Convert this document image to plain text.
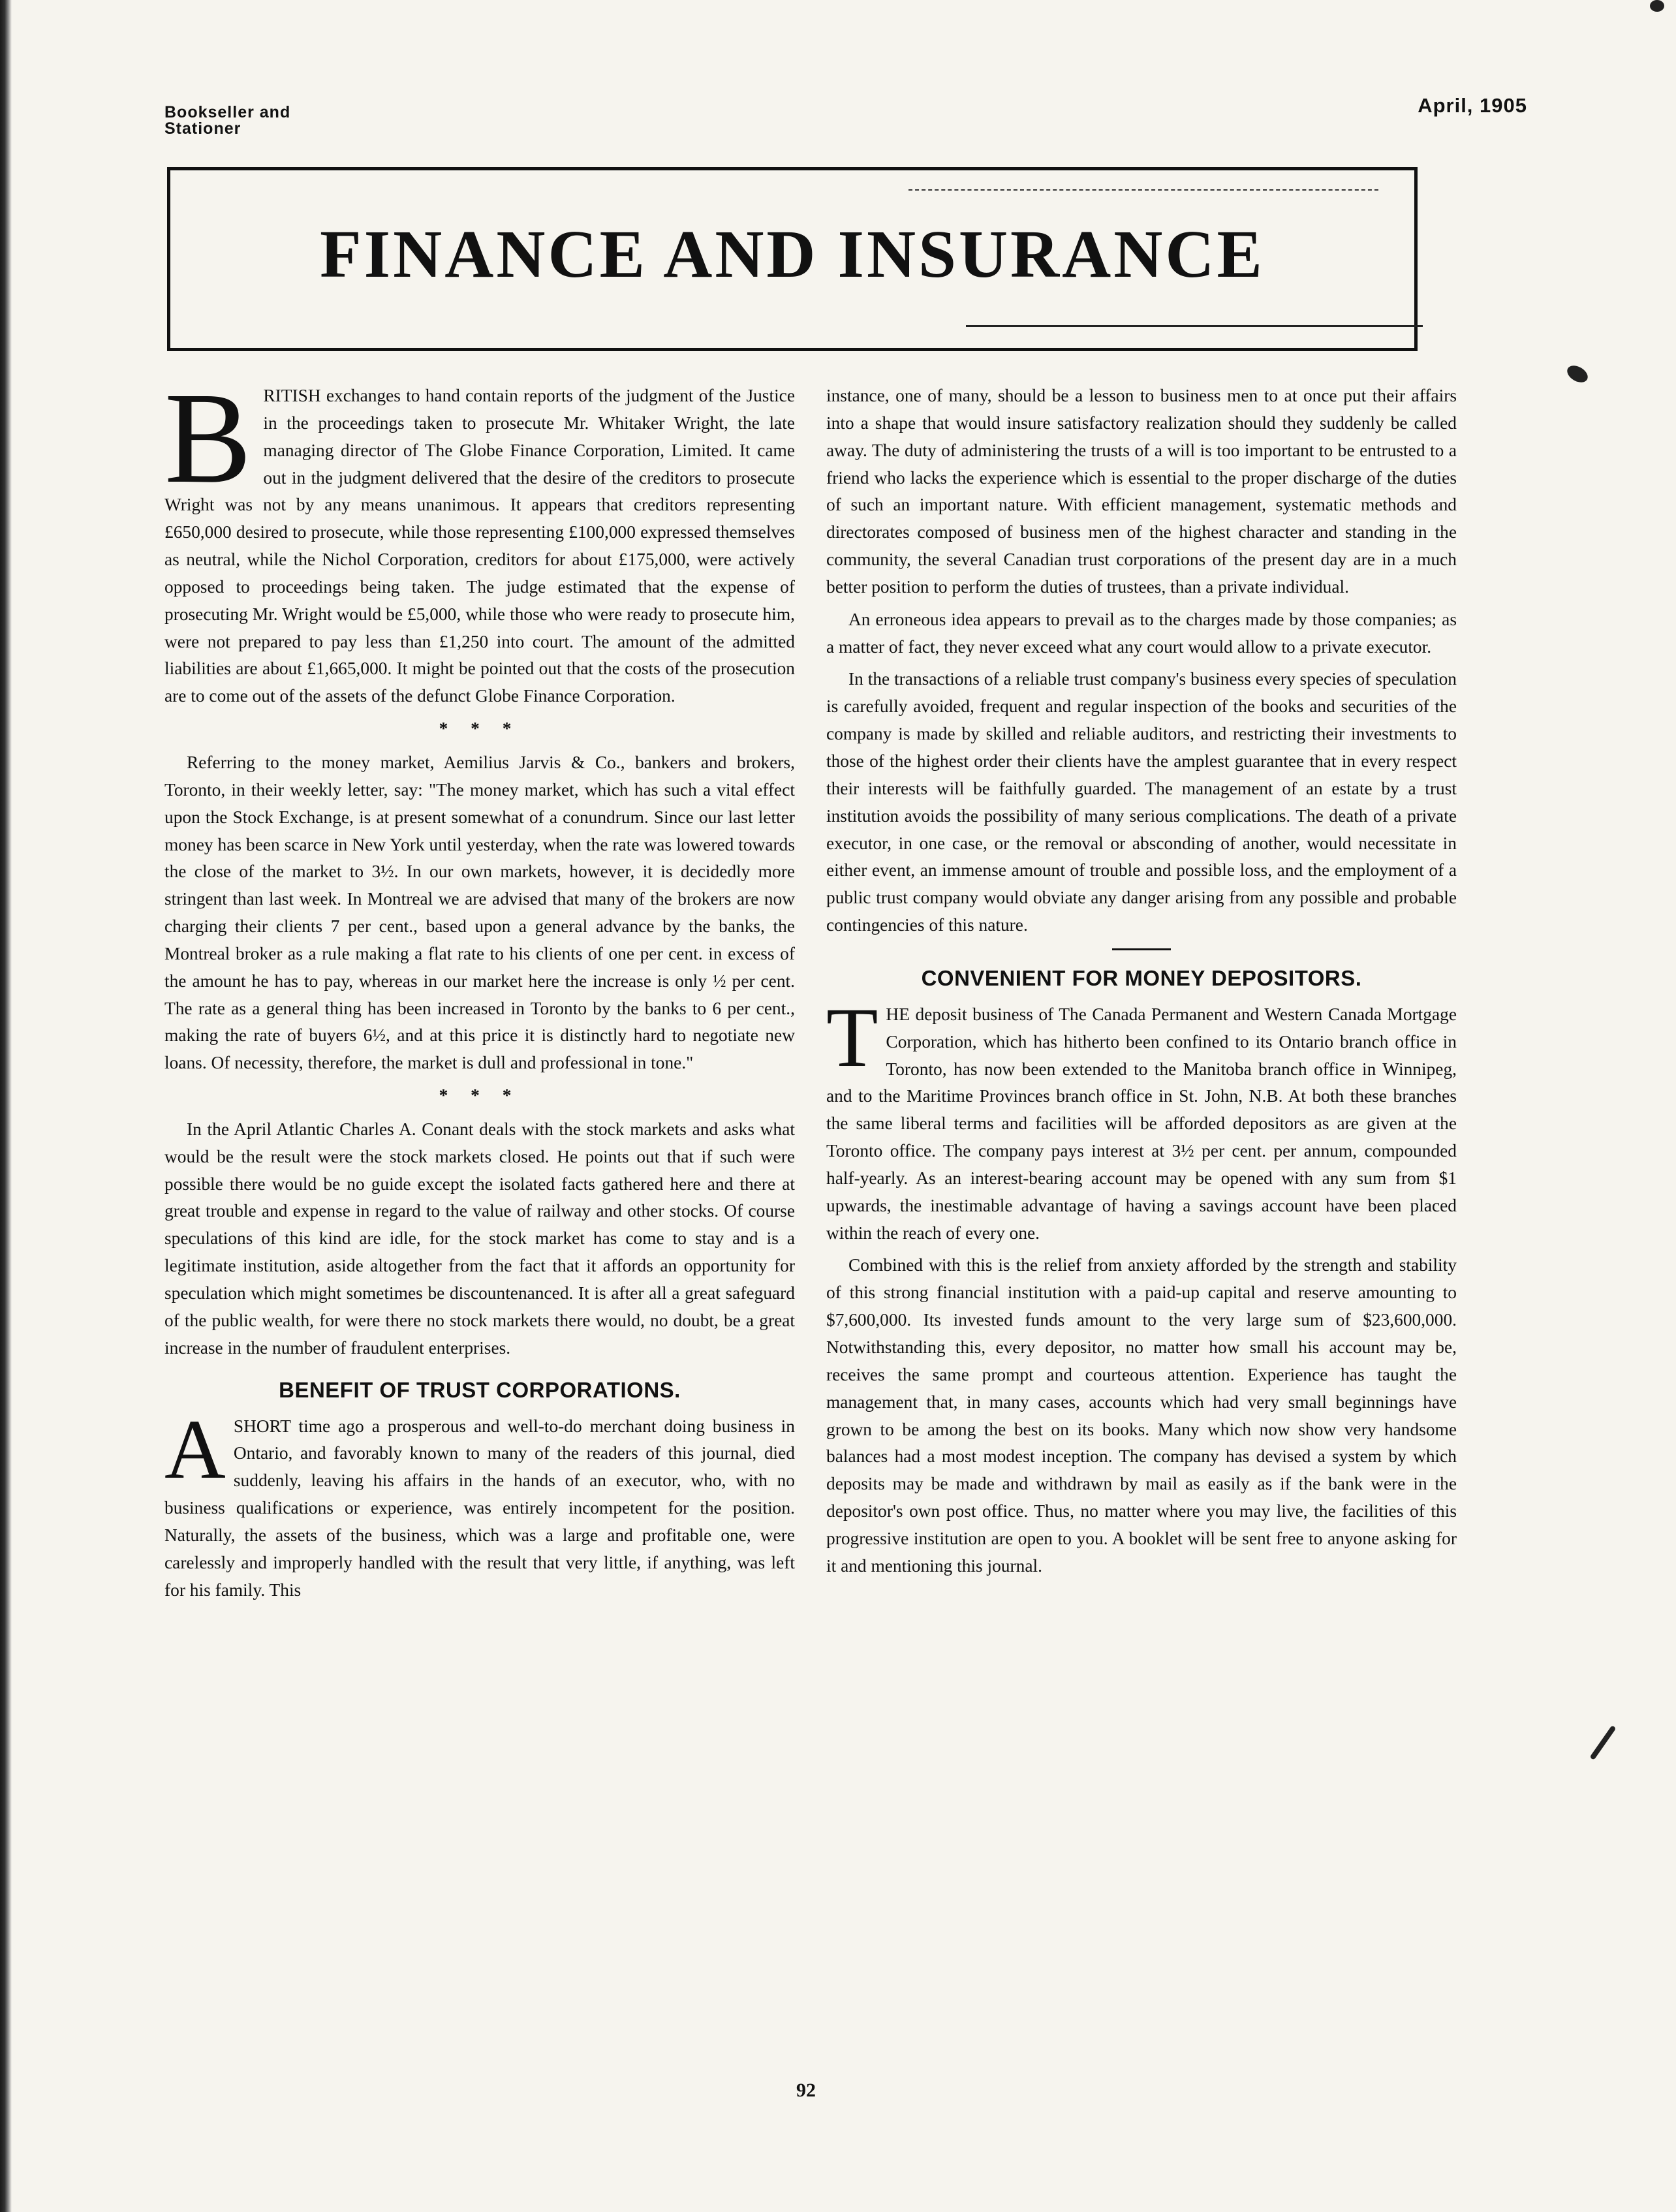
Bookseller and
Stationer
April, 1905
FINANCE AND INSURANCE

BRITISH exchanges to hand contain reports of the judgment of the Justice in the proceedings taken to prosecute Mr. Whitaker Wright, the late managing director of The Globe Finance Corporation, Limited. It came out in the judgment delivered that the desire of the creditors to prosecute Wright was not by any means unanimous. It appears that creditors representing £650,000 desired to prosecute, while those representing £100,000 expressed themselves as neutral, while the Nichol Corporation, creditors for about £175,000, were actively opposed to proceedings being taken. The judge estimated that the expense of prosecuting Mr. Wright would be £5,000, while those who were ready to prosecute him, were not prepared to pay less than £1,250 into court. The amount of the admitted liabilities are about £1,665,000. It might be pointed out that the costs of the prosecution are to come out of the assets of the defunct Globe Finance Corporation.

* * *

Referring to the money market, Aemilius Jarvis & Co., bankers and brokers, Toronto, in their weekly letter, say: "The money market, which has such a vital effect upon the Stock Exchange, is at present somewhat of a conundrum. Since our last letter money has been scarce in New York until yesterday, when the rate was lowered towards the close of the market to 3½. In our own markets, however, it is decidedly more stringent than last week. In Montreal we are advised that many of the brokers are now charging their clients 7 per cent., based upon a general advance by the banks, the Montreal broker as a rule making a flat rate to his clients of one per cent. in excess of the amount he has to pay, whereas in our market here the increase is only ½ per cent. The rate as a general thing has been increased in Toronto by the banks to 6 per cent., making the rate of buyers 6½, and at this price it is distinctly hard to negotiate new loans. Of necessity, therefore, the market is dull and professional in tone."

* * *

In the April Atlantic Charles A. Conant deals with the stock markets and asks what would be the result were the stock markets closed. He points out that if such were possible there would be no guide except the isolated facts gathered here and there at great trouble and expense in regard to the value of railway and other stocks. Of course speculations of this kind are idle, for the stock market has come to stay and is a legitimate institution, aside altogether from the fact that it affords an opportunity for speculation which might sometimes be discountenanced. It is after all a great safeguard of the public wealth, for were there no stock markets there would, no doubt, be a great increase in the number of fraudulent enterprises.

BENEFIT OF TRUST CORPORATIONS.

ASHORT time ago a prosperous and well-to-do merchant doing business in Ontario, and favorably known to many of the readers of this journal, died suddenly, leaving his affairs in the hands of an executor, who, with no business qualifications or experience, was entirely incompetent for the position. Naturally, the assets of the business, which was a large and profitable one, were carelessly and improperly handled with the result that very little, if anything, was left for his family. This

instance, one of many, should be a lesson to business men to at once put their affairs into a shape that would insure satisfactory realization should they suddenly be called away. The duty of administering the trusts of a will is too important to be entrusted to a friend who lacks the experience which is essential to the proper discharge of the duties of such an important nature. With efficient management, systematic methods and directorates composed of business men of the highest character and standing in the community, the several Canadian trust corporations of the present day are in a much better position to perform the duties of trustees, than a private individual.

An erroneous idea appears to prevail as to the charges made by those companies; as a matter of fact, they never exceed what any court would allow to a private executor.

In the transactions of a reliable trust company's business every species of speculation is carefully avoided, frequent and regular inspection of the books and securities of the company is made by skilled and reliable auditors, and restricting their investments to those of the highest order their clients have the amplest guarantee that in every respect their interests will be faithfully guarded. The management of an estate by a trust institution avoids the possibility of many serious complications. The death of a private executor, in one case, or the removal or absconding of another, would necessitate in either event, an immense amount of trouble and possible loss, and the employment of a public trust company would obviate any danger arising from any possible and probable contingencies of this nature.

CONVENIENT FOR MONEY DEPOSITORS.

THE deposit business of The Canada Permanent and Western Canada Mortgage Corporation, which has hitherto been confined to its Ontario branch office in Toronto, has now been extended to the Manitoba branch office in Winnipeg, and to the Maritime Provinces branch office in St. John, N.B. At both these branches the same liberal terms and facilities will be afforded depositors as are given at the Toronto office. The company pays interest at 3½ per cent. per annum, compounded half-yearly. As an interest-bearing account may be opened with any sum from $1 upwards, the inestimable advantage of having a savings account have been placed within the reach of every one.

Combined with this is the relief from anxiety afforded by the strength and stability of this strong financial institution with a paid-up capital and reserve amounting to $7,600,000. Its invested funds amount to the very large sum of $23,600,000. Notwithstanding this, every depositor, no matter how small his account may be, receives the same prompt and courteous attention. Experience has taught the management that, in many cases, accounts which had very small beginnings have grown to be among the best on its books. Many which now show very handsome balances had a most modest inception. The company has devised a system by which deposits may be made and withdrawn by mail as easily as if the bank were in the depositor's own post office. Thus, no matter where you may live, the facilities of this progressive institution are open to you. A booklet will be sent free to anyone asking for it and mentioning this journal.

92
